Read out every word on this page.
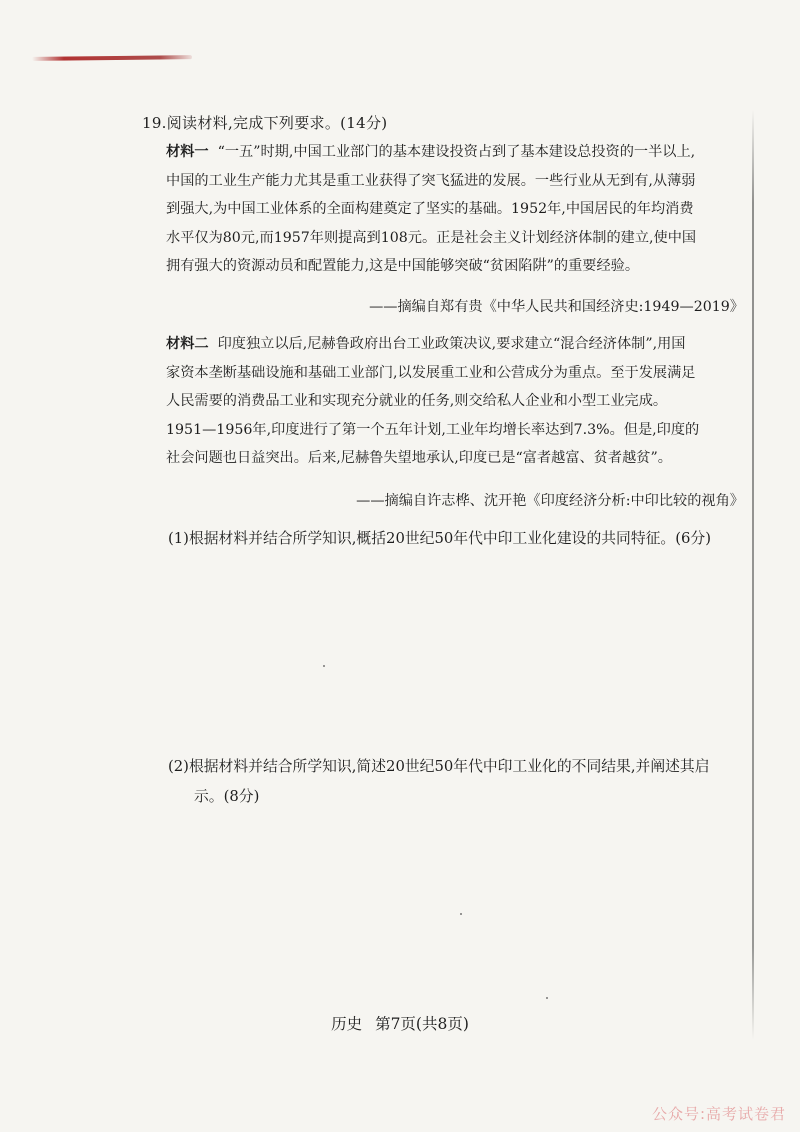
19.阅读材料,完成下列要求。(14分)
材料一 “一五”时期,中国工业部门的基本建设投资占到了基本建设总投资的一半以上,
中国的工业生产能力尤其是重工业获得了突飞猛进的发展。一些行业从无到有,从薄弱
到强大,为中国工业体系的全面构建奠定了坚实的基础。1952年,中国居民的年均消费
水平仅为80元,而1957年则提高到108元。正是社会主义计划经济体制的建立,使中国
拥有强大的资源动员和配置能力,这是中国能够突破“贫困陷阱”的重要经验。
——摘编自郑有贵《中华人民共和国经济史:1949—2019》
材料二 印度独立以后,尼赫鲁政府出台工业政策决议,要求建立“混合经济体制”,用国
家资本垄断基础设施和基础工业部门,以发展重工业和公营成分为重点。至于发展满足
人民需要的消费品工业和实现充分就业的任务,则交给私人企业和小型工业完成。
1951—1956年,印度进行了第一个五年计划,工业年均增长率达到7.3%。但是,印度的
社会问题也日益突出。后来,尼赫鲁失望地承认,印度已是“富者越富、贫者越贫”。
——摘编自许志桦、沈开艳《印度经济分析:中印比较的视角》
(1)根据材料并结合所学知识,概括20世纪50年代中印工业化建设的共同特征。(6分)
(2)根据材料并结合所学知识,简述20世纪50年代中印工业化的不同结果,并阐述其启
示。(8分)
历史 第7页(共8页)
公众号:高考试卷君
